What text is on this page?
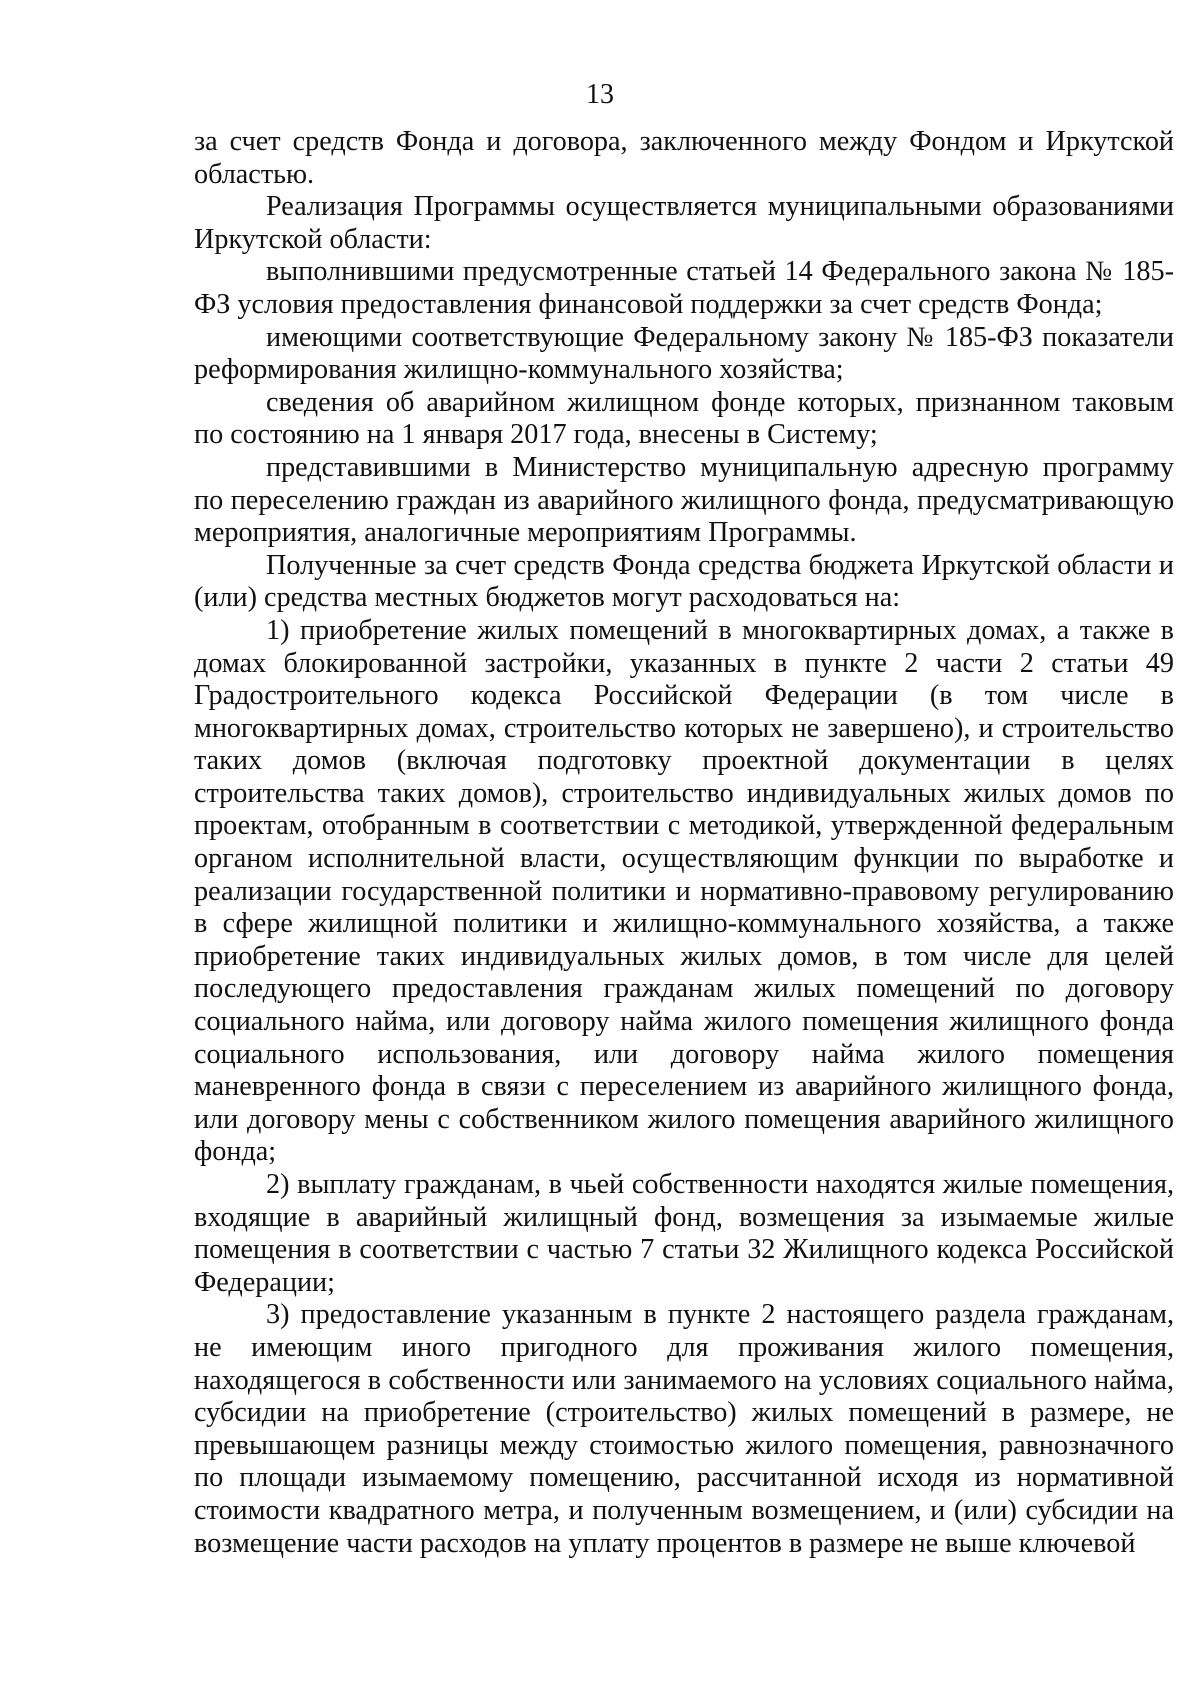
13

за счет средств Фонда и договора, заключенного между Фондом и Иркутской областью.

Реализация Программы осуществляется муниципальными образованиями Иркутской области:

выполнившими предусмотренные статьей 14 Федерального закона № 185-ФЗ условия предоставления финансовой поддержки за счет средств Фонда;

имеющими соответствующие Федеральному закону № 185-ФЗ показатели реформирования жилищно-коммунального хозяйства;

сведения об аварийном жилищном фонде которых, признанном таковым по состоянию на 1 января 2017 года, внесены в Систему;

представившими в Министерство муниципальную адресную программу по переселению граждан из аварийного жилищного фонда, предусматривающую мероприятия, аналогичные мероприятиям Программы.

Полученные за счет средств Фонда средства бюджета Иркутской области и (или) средства местных бюджетов могут расходоваться на:

1) приобретение жилых помещений в многоквартирных домах, а также в домах блокированной застройки, указанных в пункте 2 части 2 статьи 49 Градостроительного кодекса Российской Федерации (в том числе в многоквартирных домах, строительство которых не завершено), и строительство таких домов (включая подготовку проектной документации в целях строительства таких домов), строительство индивидуальных жилых домов по проектам, отобранным в соответствии с методикой, утвержденной федеральным органом исполнительной власти, осуществляющим функции по выработке и реализации государственной политики и нормативно-правовому регулированию в сфере жилищной политики и жилищно-коммунального хозяйства, а также приобретение таких индивидуальных жилых домов, в том числе для целей последующего предоставления гражданам жилых помещений по договору социального найма, или договору найма жилого помещения жилищного фонда социального использования, или договору найма жилого помещения маневренного фонда в связи с переселением из аварийного жилищного фонда, или договору мены с собственником жилого помещения аварийного жилищного фонда;

2) выплату гражданам, в чьей собственности находятся жилые помещения, входящие в аварийный жилищный фонд, возмещения за изымаемые жилые помещения в соответствии с частью 7 статьи 32 Жилищного кодекса Российской Федерации;

3) предоставление указанным в пункте 2 настоящего раздела гражданам, не имеющим иного пригодного для проживания жилого помещения, находящегося в собственности или занимаемого на условиях социального найма, субсидии на приобретение (строительство) жилых помещений в размере, не превышающем разницы между стоимостью жилого помещения, равнозначного по площади изымаемому помещению, рассчитанной исходя из нормативной стоимости квадратного метра, и полученным возмещением, и (или) субсидии на возмещение части расходов на уплату процентов в размере не выше ключевой
